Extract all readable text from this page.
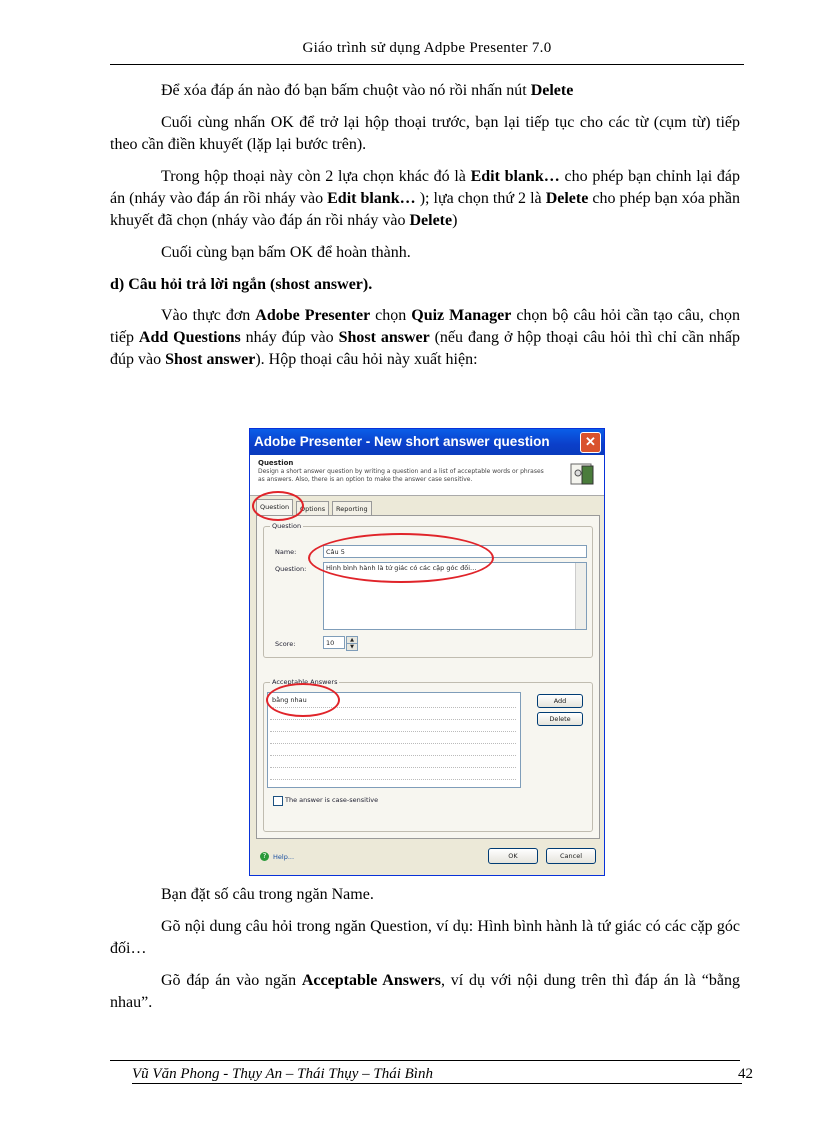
Giáo trình sử dụng Adpbe Presenter 7.0

Để xóa đáp án nào đó bạn bấm chuột vào nó rồi nhấn nút Delete

Cuối cùng nhấn OK để trở lại hộp thoại trước, bạn lại tiếp tục cho các từ (cụm từ) tiếp theo cần điền khuyết (lặp lại bước trên).

Trong hộp thoại này còn 2 lựa chọn khác đó là Edit blank… cho phép bạn chỉnh lại đáp án (nháy vào đáp án rồi nháy vào Edit blank… ); lựa chọn thứ 2 là Delete cho phép bạn xóa phần khuyết đã chọn (nháy vào đáp án rồi nháy vào Delete)

Cuối cùng bạn bấm OK để hoàn thành.

d) Câu hỏi trả lời ngắn (shost answer).

Vào thực đơn Adobe Presenter chọn Quiz Manager chọn bộ câu hỏi cần tạo câu, chọn tiếp Add Questions nháy đúp vào Shost answer (nếu đang ở hộp thoại câu hỏi thì chỉ cần nhấp đúp vào Shost answer). Hộp thoại câu hỏi này xuất hiện:

Adobe Presenter - New short answer question	✕
Question
Design a short answer question by writing a question and a list of acceptable words or phrases as answers. Also, there is an option to make the answer case sensitive.
Question	Options	Reporting
Question
Name:	Câu 5
Question:	Hình bình hành là tứ giác có các cặp góc đối…
Score:	10	▲
▼
Acceptable Answers
bằng nhau	Add
Delete
The answer is case-sensitive
?	Help...	OK	Cancel

Bạn đặt số câu trong ngăn Name.

Gõ nội dung câu hỏi trong ngăn Question, ví dụ: Hình bình hành là tứ giác có các cặp góc đối…

Gõ đáp án vào ngăn Acceptable Answers, ví dụ với nội dung trên thì đáp án là “bằng nhau”.

Vũ Văn Phong - Thụy An – Thái Thụy – Thái Bình	42
